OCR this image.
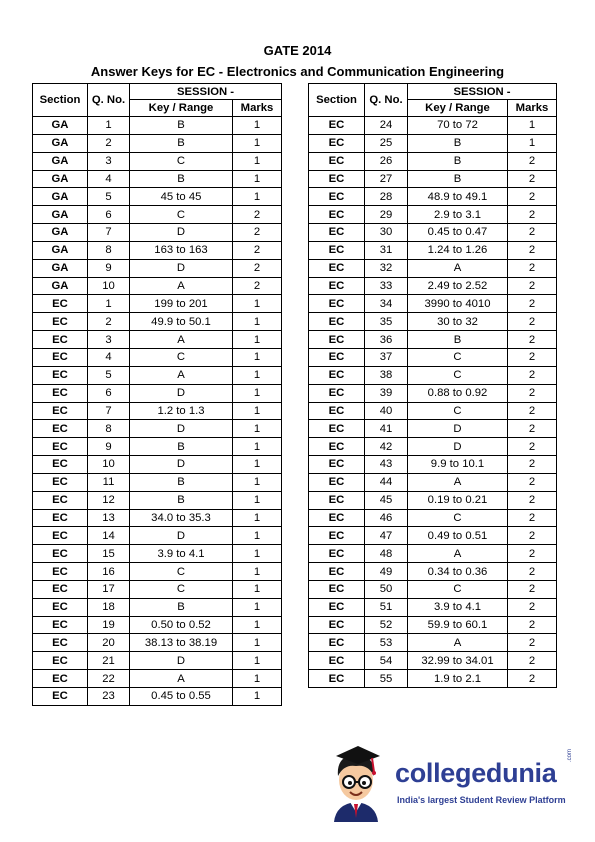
GATE 2014
Answer Keys for EC - Electronics and Communication Engineering
Section	Q. No.	SESSION -	
		Key / Range	Marks
GA	1	B	1
GA	2	B	1
GA	3	C	1
GA	4	B	1
GA	5	45 to 45	1
GA	6	C	2
GA	7	D	2
GA	8	163 to 163	2
GA	9	D	2
GA	10	A	2
EC	1	199 to 201	1
EC	2	49.9 to 50.1	1
EC	3	A	1
EC	4	C	1
EC	5	A	1
EC	6	D	1
EC	7	1.2 to 1.3	1
EC	8	D	1
EC	9	B	1
EC	10	D	1
EC	11	B	1
EC	12	B	1
EC	13	34.0 to 35.3	1
EC	14	D	1
EC	15	3.9 to 4.1	1
EC	16	C	1
EC	17	C	1
EC	18	B	1
EC	19	0.50 to 0.52	1
EC	20	38.13 to 38.19	1
EC	21	D	1
EC	22	A	1
EC	23	0.45 to 0.55	1
Section	Q. No.	SESSION -	
		Key / Range	Marks
EC	24	70 to 72	1
EC	25	B	1
EC	26	B	2
EC	27	B	2
EC	28	48.9 to 49.1	2
EC	29	2.9 to 3.1	2
EC	30	0.45 to 0.47	2
EC	31	1.24 to 1.26	2
EC	32	A	2
EC	33	2.49 to 2.52	2
EC	34	3990 to 4010	2
EC	35	30 to 32	2
EC	36	B	2
EC	37	C	2
EC	38	C	2
EC	39	0.88 to 0.92	2
EC	40	C	2
EC	41	D	2
EC	42	D	2
EC	43	9.9 to 10.1	2
EC	44	A	2
EC	45	0.19 to 0.21	2
EC	46	C	2
EC	47	0.49 to 0.51	2
EC	48	A	2
EC	49	0.34 to 0.36	2
EC	50	C	2
EC	51	3.9 to 4.1	2
EC	52	59.9 to 60.1	2
EC	53	A	2
EC	54	32.99 to 34.01	2
EC	55	1.9 to 2.1	2
collegedunia
.com
India's largest Student Review Platform
